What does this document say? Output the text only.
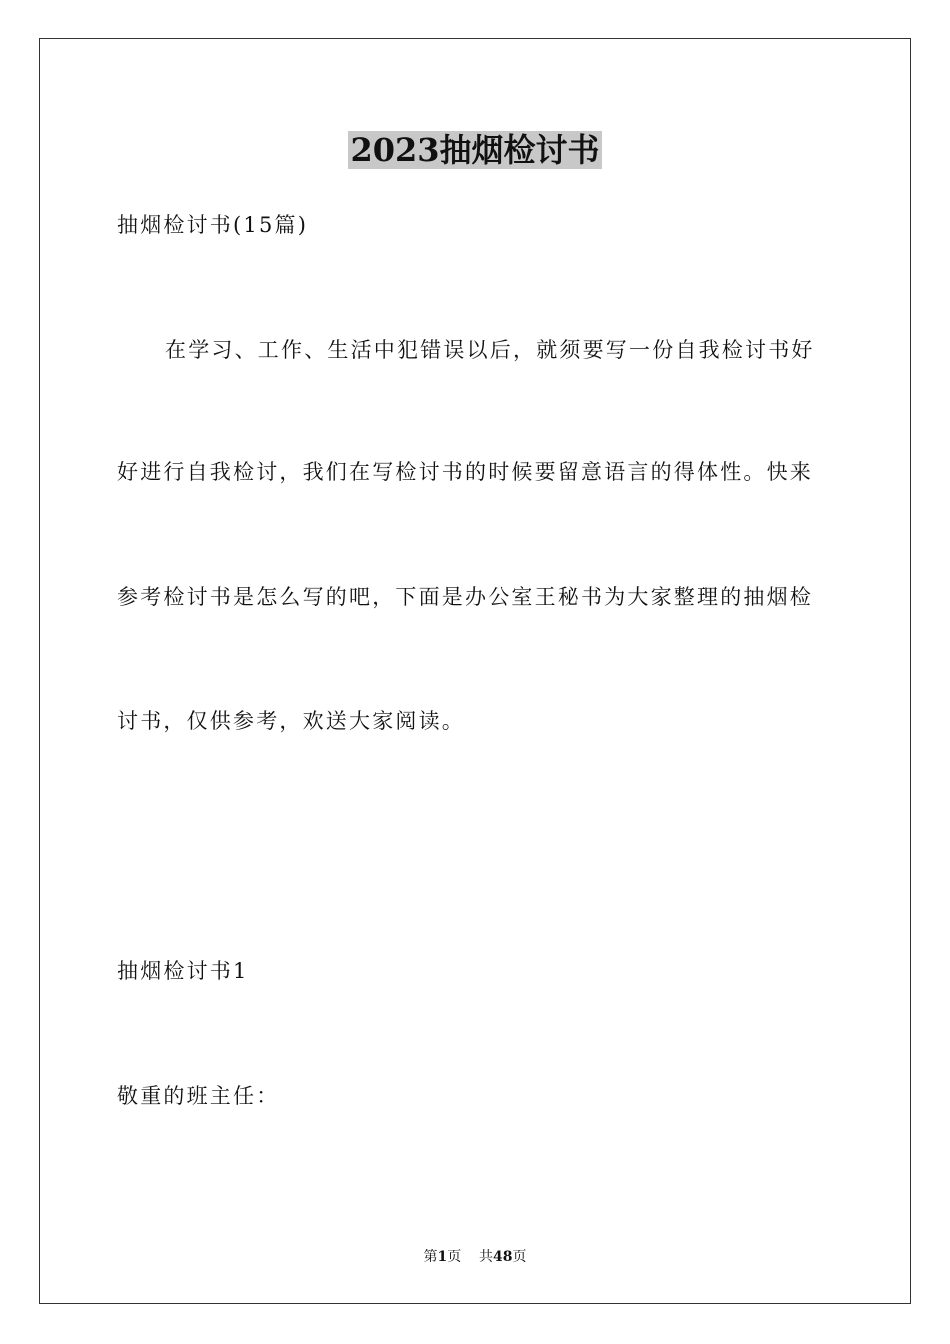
2023抽烟检讨书
抽烟检讨书(15篇)
在学习、工作、生活中犯错误以后，就须要写一份自我检讨书好
好进行自我检讨，我们在写检讨书的时候要留意语言的得体性。快来
参考检讨书是怎么写的吧，下面是办公室王秘书为大家整理的抽烟检
讨书，仅供参考，欢送大家阅读。
抽烟检讨书1
敬重的班主任：
第1页 共48页
